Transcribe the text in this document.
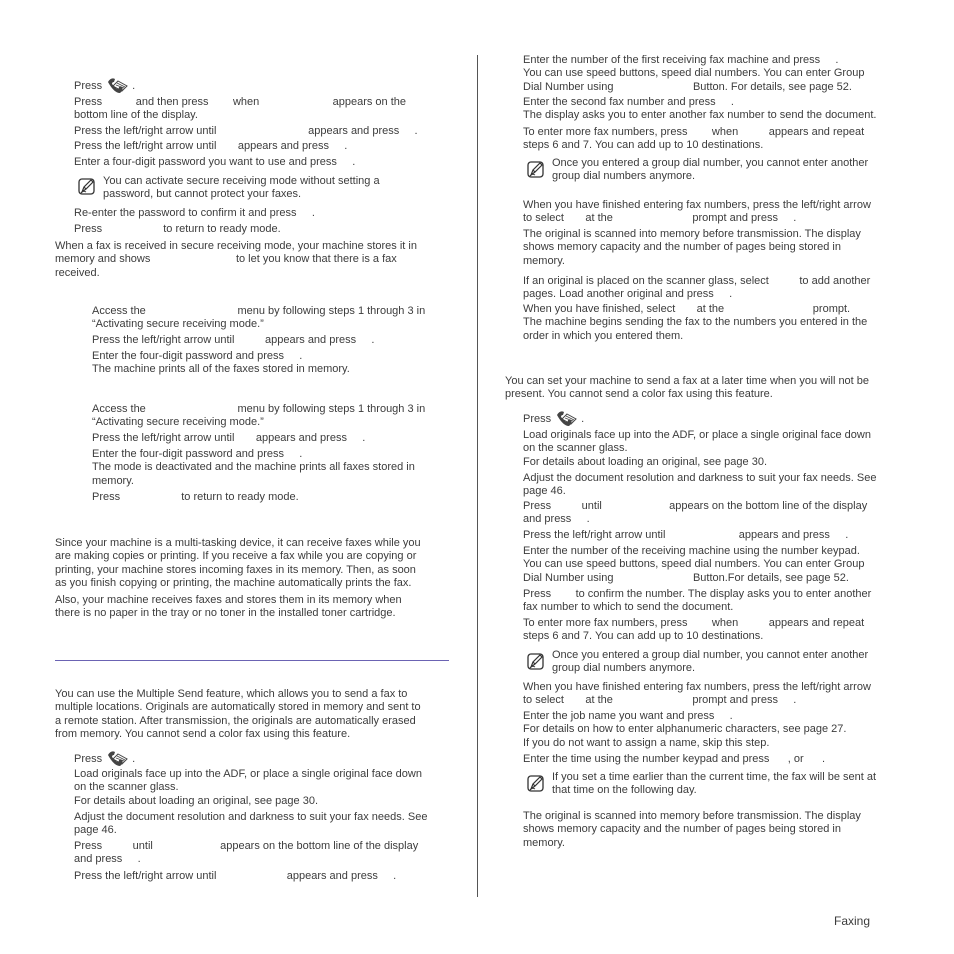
Press	.
Press           and then press        when                        appears on the
bottom line of the display.
Press the left/right arrow until                              appears and press     .
Press the left/right arrow until       appears and press     .
Enter a four-digit password you want to use and press     .
You can activate secure receiving mode without setting a
password, but cannot protect your faxes.
Re-enter the password to confirm it and press     .
Press                    to return to ready mode.
When a fax is received in secure receiving mode, your machine stores it in
memory and shows                            to let you know that there is a fax
received.
Access the                              menu by following steps 1 through 3 in
“Activating secure receiving mode.”
Press the left/right arrow until          appears and press     .
Enter the four-digit password and press     .
The machine prints all of the faxes stored in memory.
Access the                              menu by following steps 1 through 3 in
“Activating secure receiving mode.”
Press the left/right arrow until       appears and press     .
Enter the four-digit password and press     .
The mode is deactivated and the machine prints all faxes stored in
memory.
Press                    to return to ready mode.
Since your machine is a multi-tasking device, it can receive faxes while you
are making copies or printing. If you receive a fax while you are copying or
printing, your machine stores incoming faxes in its memory. Then, as soon
as you finish copying or printing, the machine automatically prints the fax.
Also, your machine receives faxes and stores them in its memory when
there is no paper in the tray or no toner in the installed toner cartridge.
You can use the Multiple Send feature, which allows you to send a fax to
multiple locations. Originals are automatically stored in memory and sent to
a remote station. After transmission, the originals are automatically erased
from memory. You cannot send a color fax using this feature.
Press	.
Load originals face up into the ADF, or place a single original face down
on the scanner glass.
For details about loading an original, see page 30.
Adjust the document resolution and darkness to suit your fax needs. See
page 46.
Press          until                      appears on the bottom line of the display
and press     .
Press the left/right arrow until                       appears and press     .
Enter the number of the first receiving fax machine and press     .
You can use speed buttons, speed dial numbers. You can enter Group
Dial Number using                          Button. For details, see page 52.
Enter the second fax number and press     .
The display asks you to enter another fax number to send the document.
To enter more fax numbers, press        when          appears and repeat
steps 6 and 7. You can add up to 10 destinations.
Once you entered a group dial number, you cannot enter another
group dial numbers anymore.
When you have finished entering fax numbers, press the left/right arrow
to select       at the                          prompt and press     .
The original is scanned into memory before transmission. The display
shows memory capacity and the number of pages being stored in
memory.
If an original is placed on the scanner glass, select          to add another
pages. Load another original and press     .
When you have finished, select       at the                             prompt.
The machine begins sending the fax to the numbers you entered in the
order in which you entered them.
You can set your machine to send a fax at a later time when you will not be
present. You cannot send a color fax using this feature.
Press	.
Load originals face up into the ADF, or place a single original face down
on the scanner glass.
For details about loading an original, see page 30.
Adjust the document resolution and darkness to suit your fax needs. See
page 46.
Press          until                      appears on the bottom line of the display
and press     .
Press the left/right arrow until                        appears and press     .
Enter the number of the receiving machine using the number keypad.
You can use speed buttons, speed dial numbers. You can enter Group
Dial Number using                          Button.For details, see page 52.
Press        to confirm the number. The display asks you to enter another
fax number to which to send the document.
To enter more fax numbers, press        when          appears and repeat
steps 6 and 7. You can add up to 10 destinations.
Once you entered a group dial number, you cannot enter another
group dial numbers anymore.
When you have finished entering fax numbers, press the left/right arrow
to select       at the                          prompt and press     .
Enter the job name you want and press     .
For details on how to enter alphanumeric characters, see page 27.
If you do not want to assign a name, skip this step.
Enter the time using the number keypad and press      , or      .
If you set a time earlier than the current time, the fax will be sent at
that time on the following day.
The original is scanned into memory before transmission. The display
shows memory capacity and the number of pages being stored in
memory.
Faxing
